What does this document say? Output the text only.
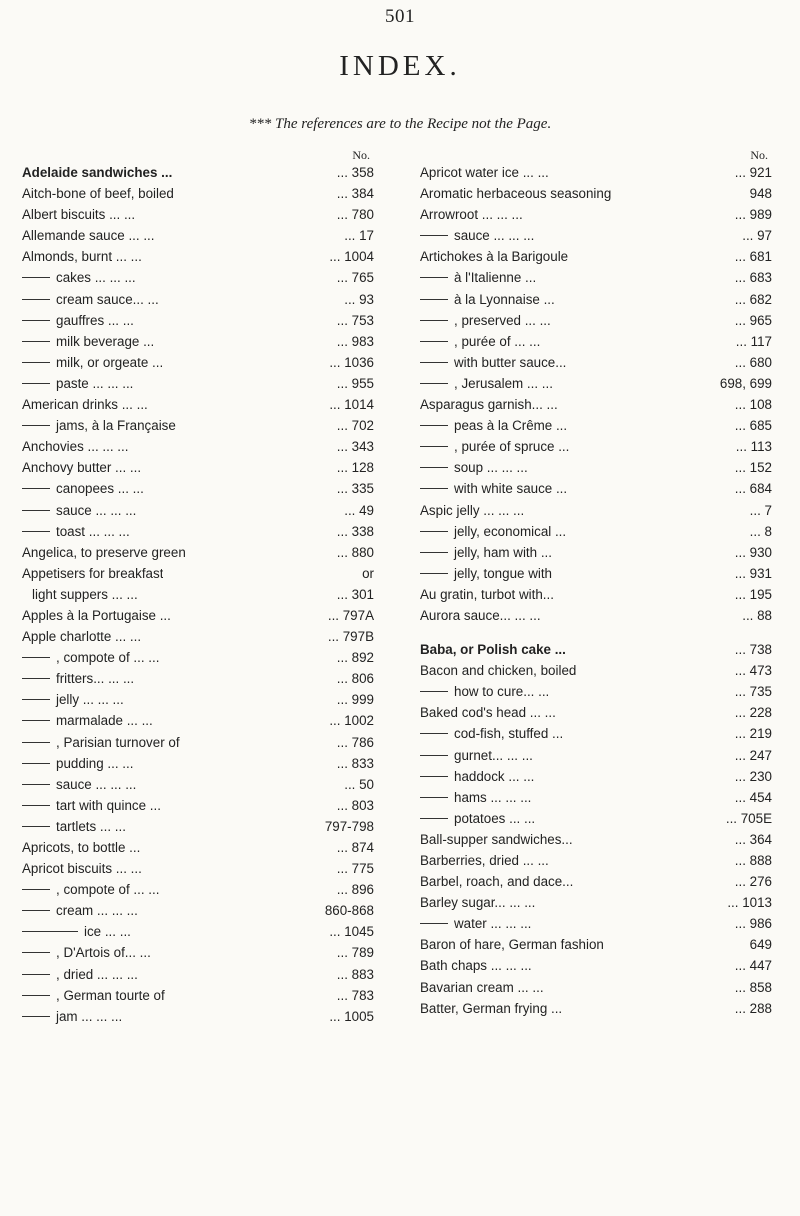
501
INDEX.
*** The references are to the Recipe not the Page.
No.
Adelaide sandwiches ...	... 358
Aitch-bone of beef, boiled	... 384
Albert biscuits ... ...	... 780
Allemande sauce ... ...	... 17
Almonds, burnt ... ...	... 1004
cakes ... ... ...	... 765
cream sauce... ...	... 93
gauffres ... ...	... 753
milk beverage ...	... 983
milk, or orgeate ...	... 1036
paste ... ... ...	... 955
American drinks ... ...	... 1014
jams, à la Française	... 702
Anchovies ... ... ...	... 343
Anchovy butter ... ...	... 128
canopees ... ...	... 335
sauce ... ... ...	... 49
toast ... ... ...	... 338
Angelica, to preserve green	... 880
Appetisers for breakfast	or
light suppers ... ...	... 301
Apples à la Portugaise ...	... 797A
Apple charlotte ... ...	... 797B
, compote of ... ...	... 892
fritters... ... ...	... 806
jelly ... ... ...	... 999
marmalade ... ...	... 1002
, Parisian turnover of	... 786
pudding ... ...	... 833
sauce ... ... ...	... 50
tart with quince ...	... 803
tartlets ... ...	797-798
Apricots, to bottle ...	... 874
Apricot biscuits ... ...	... 775
, compote of ... ...	... 896
cream ... ... ...	860-868
ice ... ...	... 1045
, D'Artois of... ...	... 789
, dried ... ... ...	... 883
, German tourte of	... 783
jam ... ... ...	... 1005
No.
Apricot water ice ... ...	... 921
Aromatic herbaceous seasoning	948
Arrowroot ... ... ...	... 989
sauce ... ... ...	... 97
Artichokes à la Barigoule	... 681
à l'Italienne ...	... 683
à la Lyonnaise ...	... 682
, preserved ... ...	... 965
, purée of ... ...	... 117
with butter sauce...	... 680
, Jerusalem ... ...	698, 699
Asparagus garnish... ...	... 108
peas à la Crême ...	... 685
, purée of spruce ...	... 113
soup ... ... ...	... 152
with white sauce ...	... 684
Aspic jelly ... ... ...	... 7
jelly, economical ...	... 8
jelly, ham with ...	... 930
jelly, tongue with	... 931
Au gratin, turbot with...	... 195
Aurora sauce... ... ...	... 88
Baba, or Polish cake ...	... 738
Bacon and chicken, boiled	... 473
how to cure... ...	... 735
Baked cod's head ... ...	... 228
cod-fish, stuffed ...	... 219
gurnet... ... ...	... 247
haddock ... ...	... 230
hams ... ... ...	... 454
potatoes ... ...	... 705E
Ball-supper sandwiches...	... 364
Barberries, dried ... ...	... 888
Barbel, roach, and dace...	... 276
Barley sugar... ... ...	... 1013
water ... ... ...	... 986
Baron of hare, German fashion	649
Bath chaps ... ... ...	... 447
Bavarian cream ... ...	... 858
Batter, German frying ...	... 288
